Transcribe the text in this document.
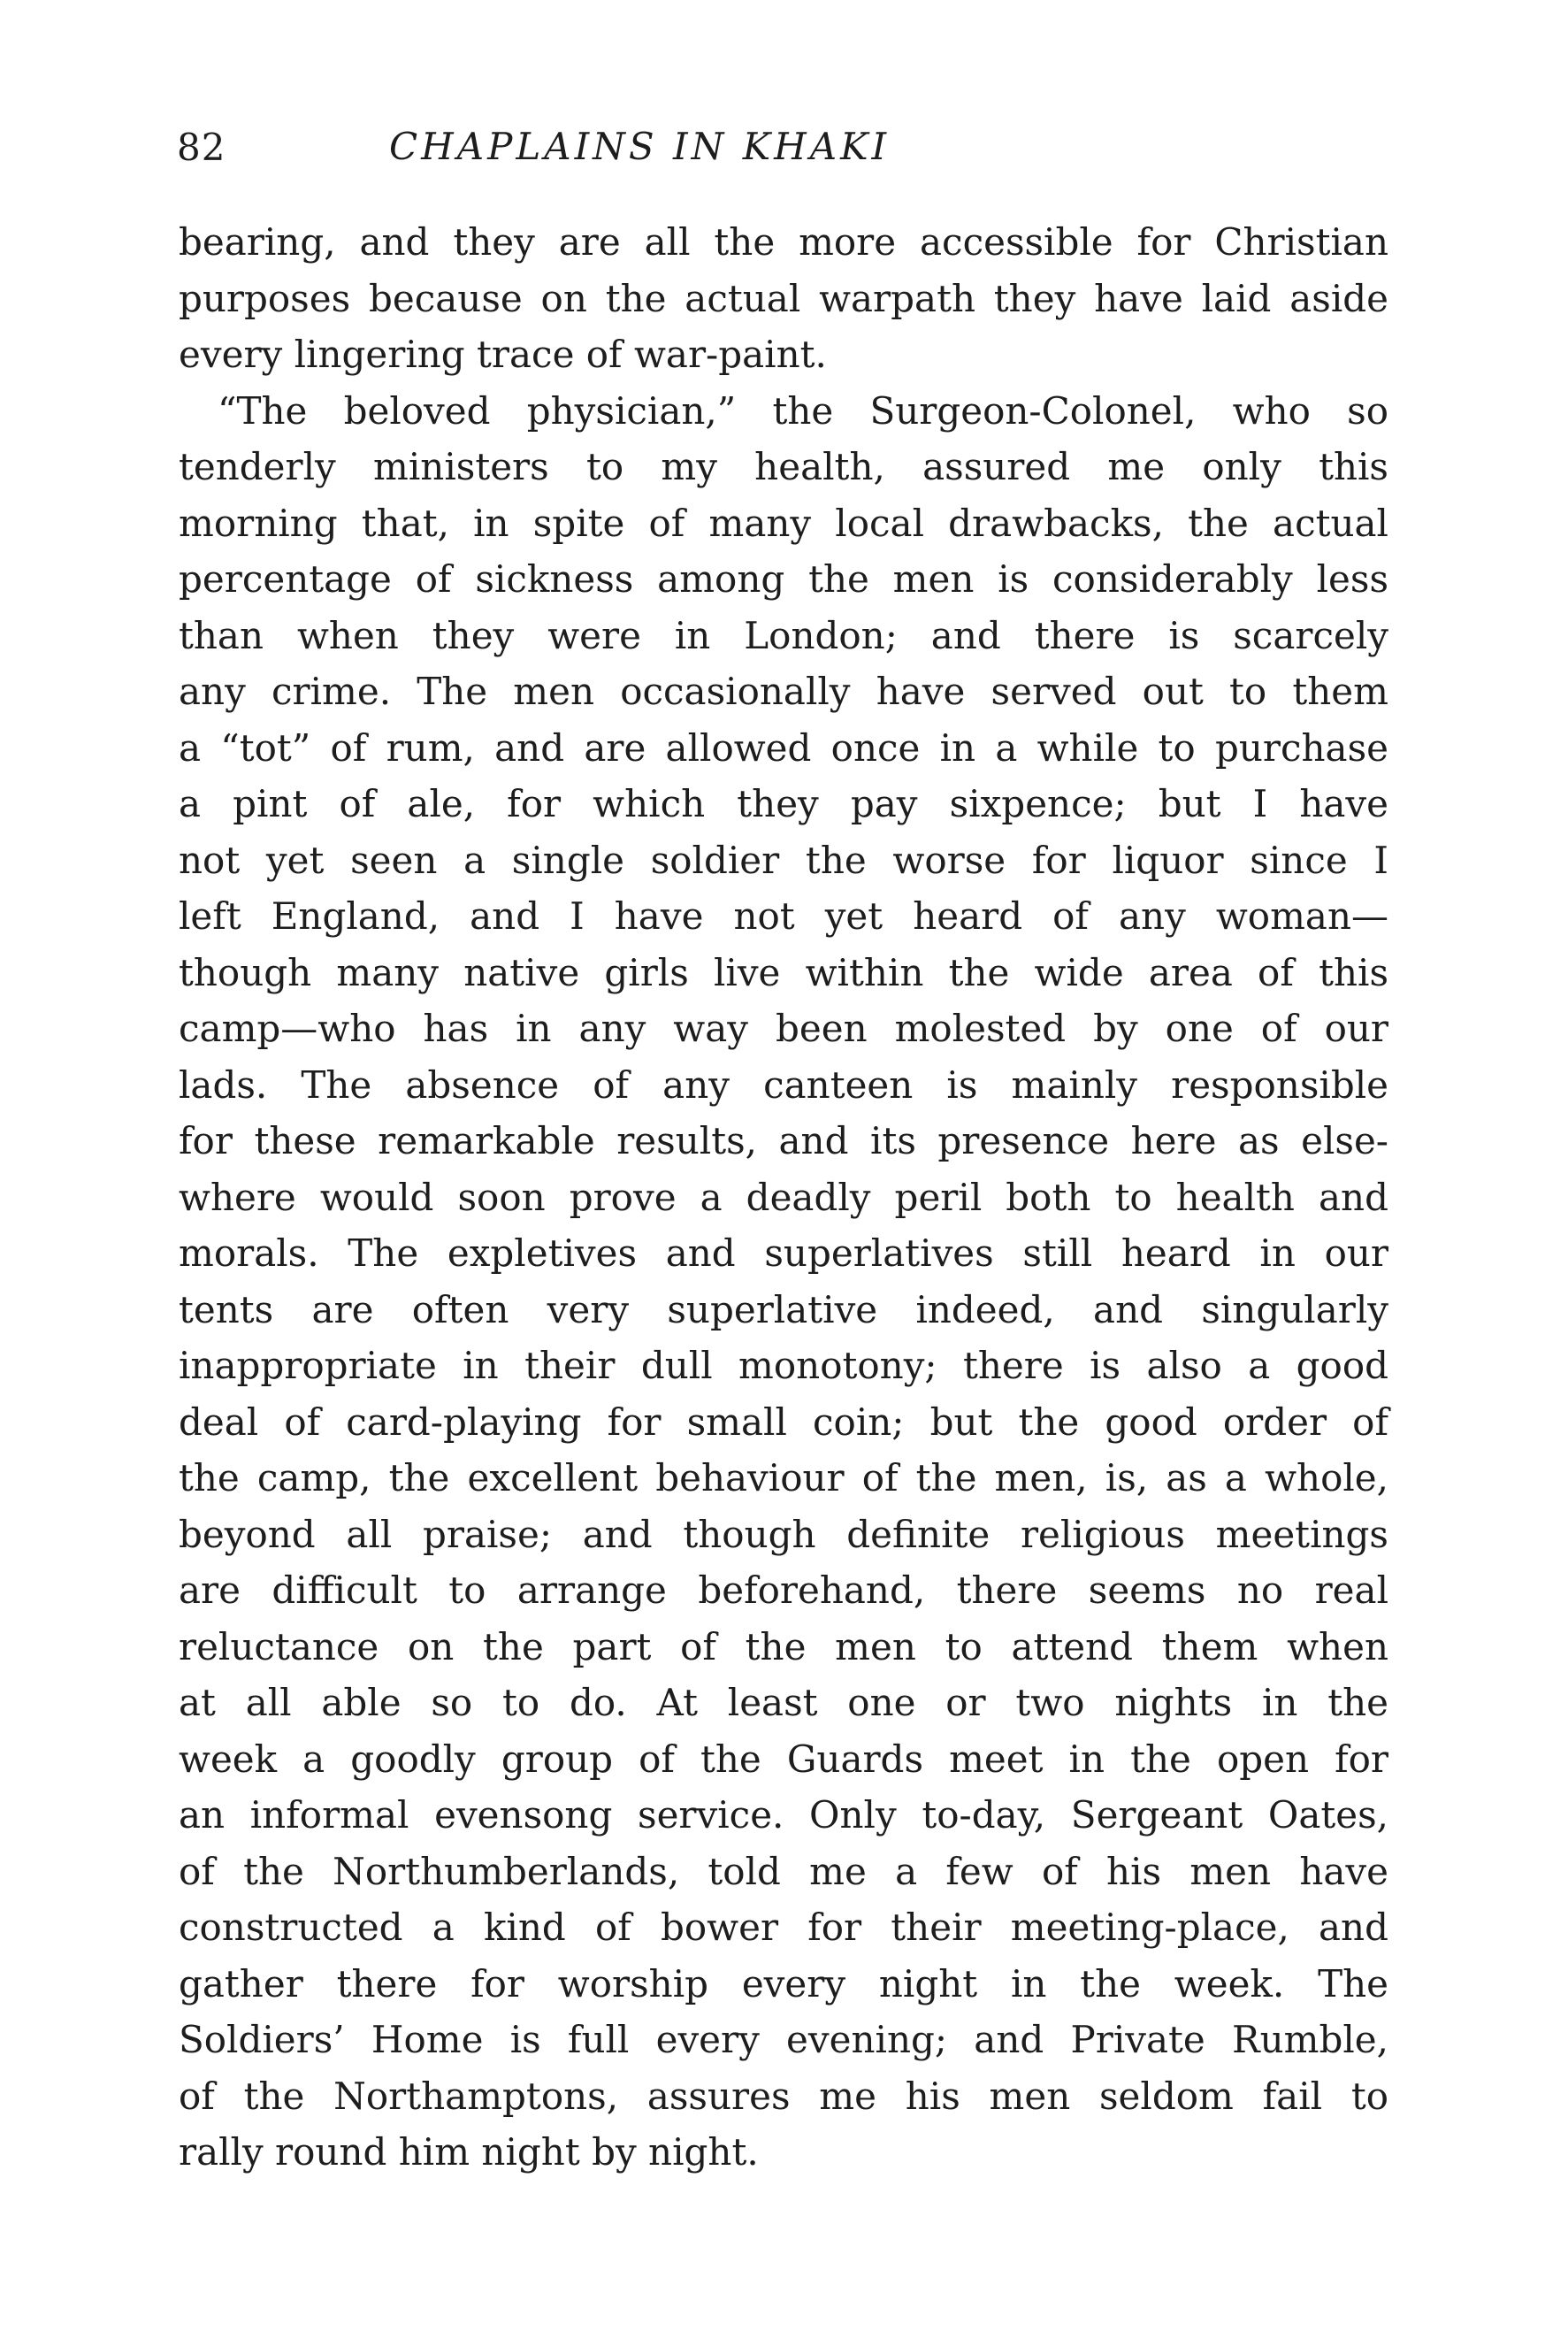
82	CHAPLAINS IN KHAKI
bearing, and they are all the more accessible for Christian
purposes because on the actual warpath they have laid aside
every lingering trace of war-paint.
“The beloved physician,” the Surgeon-Colonel, who so
tenderly ministers to my health, assured me only this
morning that, in spite of many local drawbacks, the actual
percentage of sickness among the men is considerably less
than when they were in London; and there is scarcely
any crime. The men occasionally have served out to them
a “tot” of rum, and are allowed once in a while to purchase
a pint of ale, for which they pay sixpence; but I have
not yet seen a single soldier the worse for liquor since I
left England, and I have not yet heard of any woman—
though many native girls live within the wide area of this
camp—who has in any way been molested by one of our
lads. The absence of any canteen is mainly responsible
for these remarkable results, and its presence here as else-
where would soon prove a deadly peril both to health and
morals. The expletives and superlatives still heard in our
tents are often very superlative indeed, and singularly
inappropriate in their dull monotony; there is also a good
deal of card-playing for small coin; but the good order of
the camp, the excellent behaviour of the men, is, as a whole,
beyond all praise; and though definite religious meetings
are difficult to arrange beforehand, there seems no real
reluctance on the part of the men to attend them when
at all able so to do. At least one or two nights in the
week a goodly group of the Guards meet in the open for
an informal evensong service. Only to-day, Sergeant Oates,
of the Northumberlands, told me a few of his men have
constructed a kind of bower for their meeting-place, and
gather there for worship every night in the week. The
Soldiers’ Home is full every evening; and Private Rumble,
of the Northamptons, assures me his men seldom fail to
rally round him night by night.
